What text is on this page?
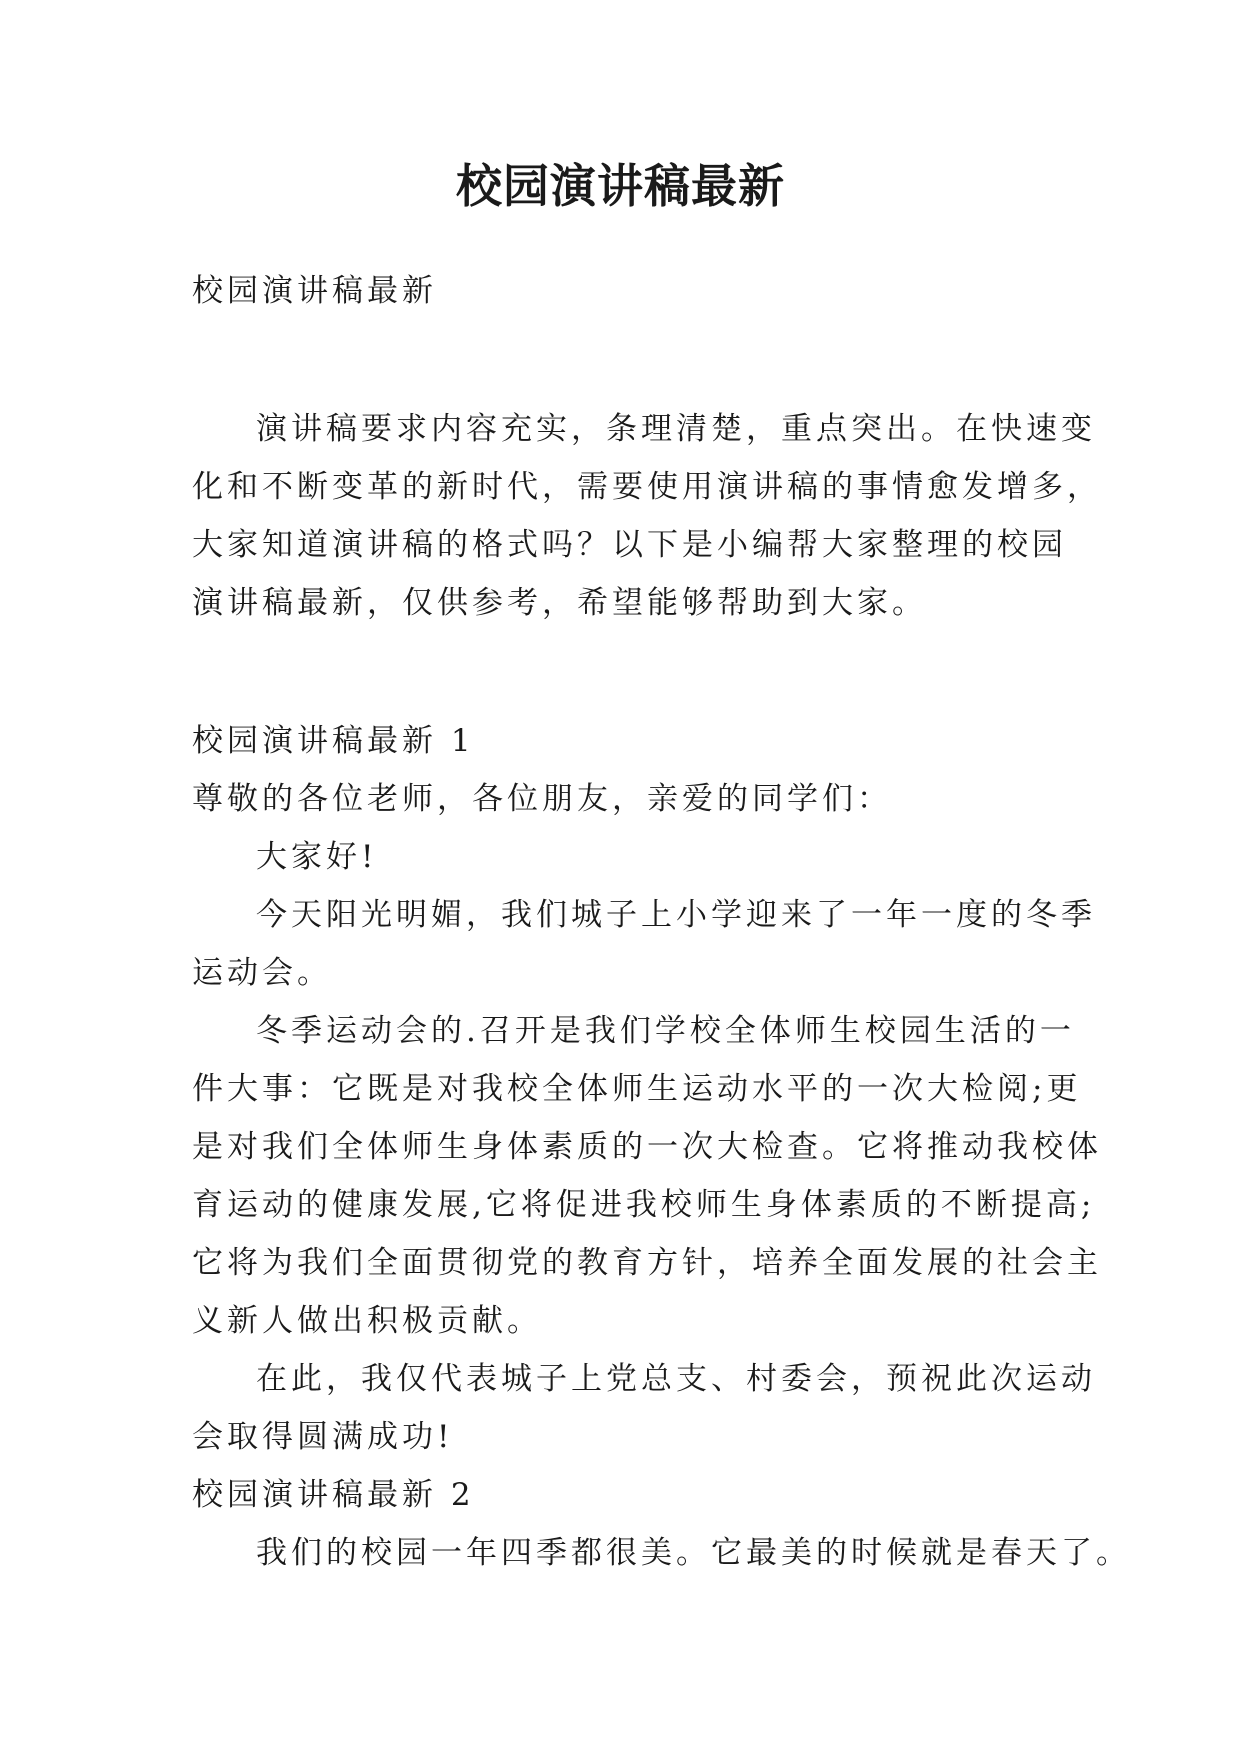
校园演讲稿最新
校园演讲稿最新
演讲稿要求内容充实，条理清楚，重点突出。在快速变
化和不断变革的新时代，需要使用演讲稿的事情愈发增多，
大家知道演讲稿的格式吗？以下是小编帮大家整理的校园
演讲稿最新，仅供参考，希望能够帮助到大家。
校园演讲稿最新 1
尊敬的各位老师，各位朋友，亲爱的同学们：
大家好!
今天阳光明媚，我们城子上小学迎来了一年一度的冬季
运动会。
冬季运动会的.召开是我们学校全体师生校园生活的一
件大事：它既是对我校全体师生运动水平的一次大检阅;更
是对我们全体师生身体素质的一次大检查。它将推动我校体
育运动的健康发展,它将促进我校师生身体素质的不断提高;
它将为我们全面贯彻党的教育方针，培养全面发展的社会主
义新人做出积极贡献。
在此，我仅代表城子上党总支、村委会，预祝此次运动
会取得圆满成功!
校园演讲稿最新 2
我们的校园一年四季都很美。它最美的时候就是春天了。
